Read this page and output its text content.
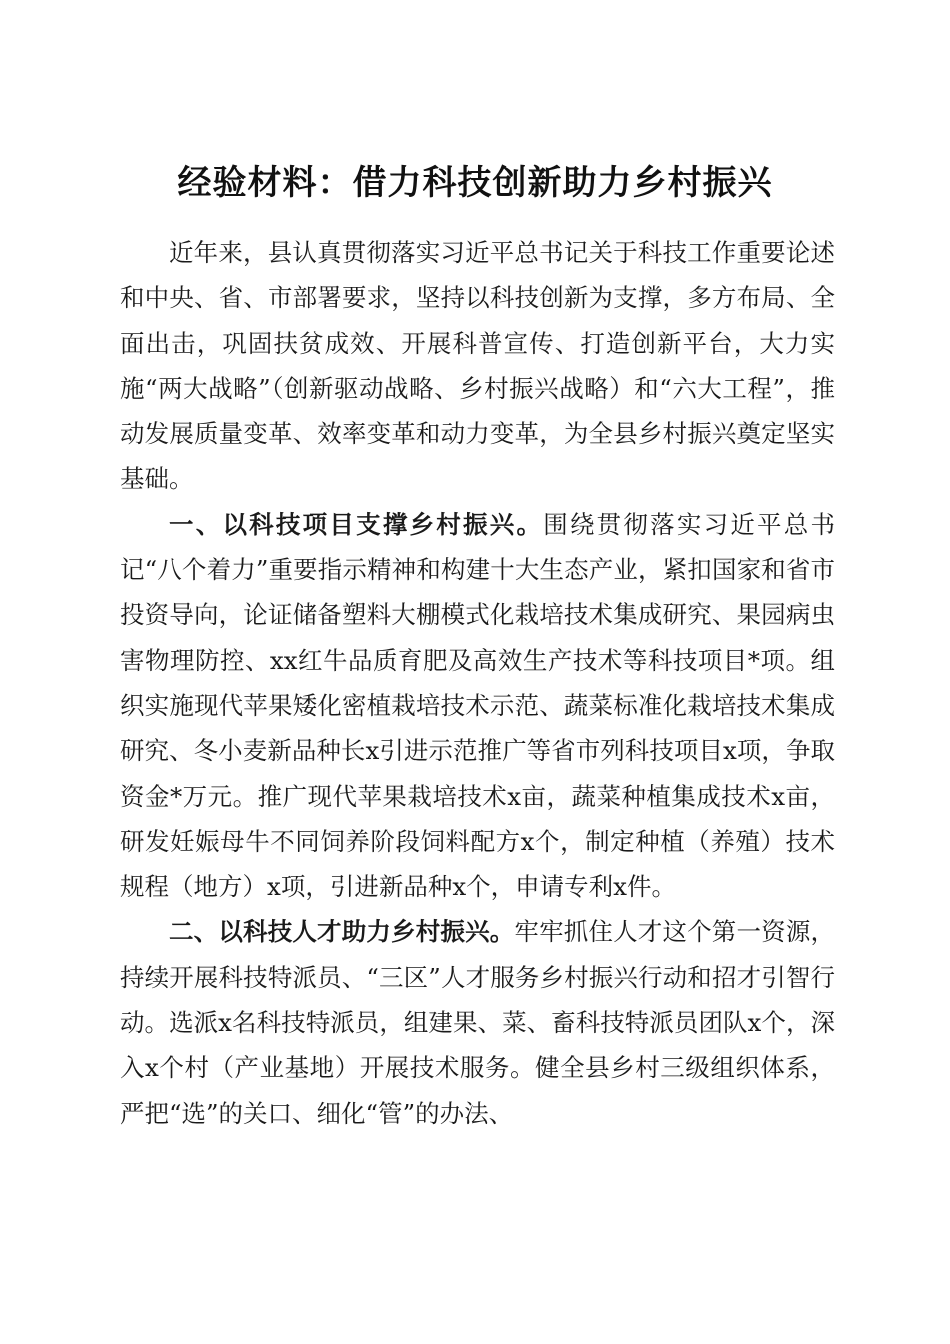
经验材料：借力科技创新助力乡村振兴

近年来，县认真贯彻落实习近平总书记关于科技工作重要论述和中央、省、市部署要求，坚持以科技创新为支撑，多方布局、全面出击，巩固扶贫成效、开展科普宣传、打造创新平台，大力实施“两大战略”（创新驱动战略、乡村振兴战略）和“六大工程”，推动发展质量变革、效率变革和动力变革，为全县乡村振兴奠定坚实基础。

一、以科技项目支撑乡村振兴。围绕贯彻落实习近平总书记“八个着力”重要指示精神和构建十大生态产业，紧扣国家和省市投资导向，论证储备塑料大棚模式化栽培技术集成研究、果园病虫害物理防控、xx红牛品质育肥及高效生产技术等科技项目*项。组织实施现代苹果矮化密植栽培技术示范、蔬菜标准化栽培技术集成研究、冬小麦新品种长x引进示范推广等省市列科技项目x项，争取资金*万元。推广现代苹果栽培技术x亩，蔬菜种植集成技术x亩，研发妊娠母牛不同饲养阶段饲料配方x个，制定种植（养殖）技术规程（地方）x项，引进新品种x个，申请专利x件。

二、以科技人才助力乡村振兴。牢牢抓住人才这个第一资源，持续开展科技特派员、“三区”人才服务乡村振兴行动和招才引智行动。选派x名科技特派员，组建果、菜、畜科技特派员团队x个，深入x个村（产业基地）开展技术服务。健全县乡村三级组织体系，严把“选”的关口、细化“管”的办法、
